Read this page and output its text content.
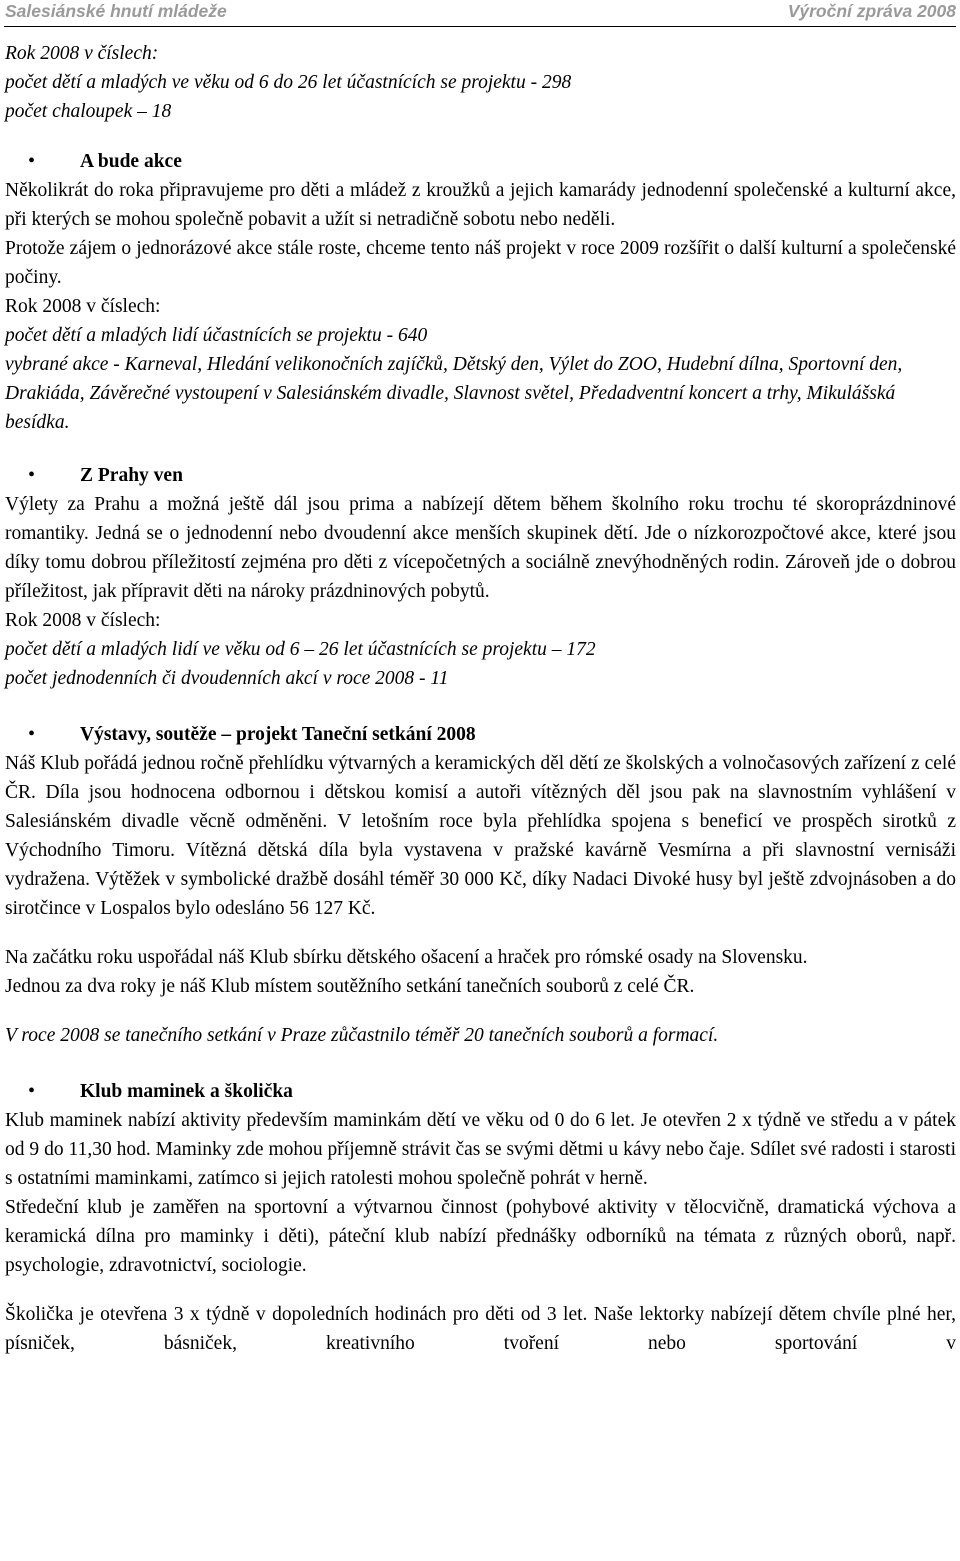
Salesiánské hnutí mládeže	Výroční zpráva 2008

Rok 2008 v číslech:

počet dětí a mladých ve věku od 6 do 26 let účastnících se projektu - 298

počet chaloupek – 18

• A bude akce

Několikrát do roka připravujeme pro děti a mládež z kroužků a jejich kamarády jednodenní společenské a kulturní akce, při kterých se mohou společně pobavit a užít si netradičně sobotu nebo neděli.

Protože zájem o jednorázové akce stále roste, chceme tento náš projekt v roce 2009 rozšířit o další kulturní a společenské počiny.

Rok 2008 v číslech:

počet dětí a mladých lidí účastnících se projektu - 640

vybrané akce - Karneval, Hledání velikonočních zajíčků, Dětský den, Výlet do ZOO, Hudební dílna, Sportovní den, Drakiáda, Závěrečné vystoupení v Salesiánském divadle, Slavnost světel, Předadventní koncert a trhy, Mikulášská besídka.

• Z Prahy ven

Výlety za Prahu a možná ještě dál jsou prima a nabízejí dětem během školního roku trochu té skoroprázdninové romantiky. Jedná se o jednodenní nebo dvoudenní akce menších skupinek dětí. Jde o nízkorozpočtové akce, které jsou díky tomu dobrou příležitostí zejména pro děti z vícepočetných a sociálně znevýhodněných rodin. Zároveň jde o dobrou příležitost, jak přípravit děti na nároky prázdninových pobytů.

Rok 2008 v číslech:

počet dětí a mladých lidí ve věku od 6 – 26 let účastnících se projektu – 172

počet jednodenních či dvoudenních akcí v roce 2008 - 11

• Výstavy, soutěže – projekt Taneční setkání 2008

Náš Klub pořádá jednou ročně přehlídku výtvarných a keramických děl dětí ze školských a volnočasových zařízení z celé ČR. Díla jsou hodnocena odbornou i dětskou komisí a autoři vítězných děl jsou pak na slavnostním vyhlášení v Salesiánském divadle věcně odměněni. V letošním roce byla přehlídka spojena s beneficí ve prospěch sirotků z Východního Timoru. Vítězná dětská díla byla vystavena v pražské kavárně Vesmírna a při slavnostní vernisáži vydražena. Výtěžek v symbolické dražbě dosáhl téměř 30 000 Kč, díky Nadaci Divoké husy byl ještě zdvojnásoben a do sirotčince v Lospalos bylo odesláno 56 127 Kč.

Na začátku roku uspořádal náš Klub sbírku dětského ošacení a hraček pro rómské osady na Slovensku.

Jednou za dva roky je náš Klub místem soutěžního setkání tanečních souborů z celé ČR.

V roce 2008 se tanečního setkání v Praze zůčastnilo téměř 20 tanečních souborů a formací.

• Klub maminek a školička

Klub maminek nabízí aktivity především maminkám dětí ve věku od 0 do 6 let. Je otevřen 2 x týdně ve středu a v pátek od 9 do 11,30 hod. Maminky zde mohou příjemně strávit čas se svými dětmi u kávy nebo čaje. Sdílet své radosti i starosti s ostatními maminkami, zatímco si jejich ratolesti mohou společně pohrát v herně.

Středeční klub je zaměřen na sportovní a výtvarnou činnost (pohybové aktivity v tělocvičně, dramatická výchova a keramická dílna pro maminky i děti), páteční klub nabízí přednášky odborníků na témata z různých oborů, např. psychologie, zdravotnictví, sociologie.

Školička je otevřena 3 x týdně v dopoledních hodinách pro děti od 3 let. Naše lektorky nabízejí dětem chvíle plné her, písniček, básniček, kreativního tvoření nebo sportování v
